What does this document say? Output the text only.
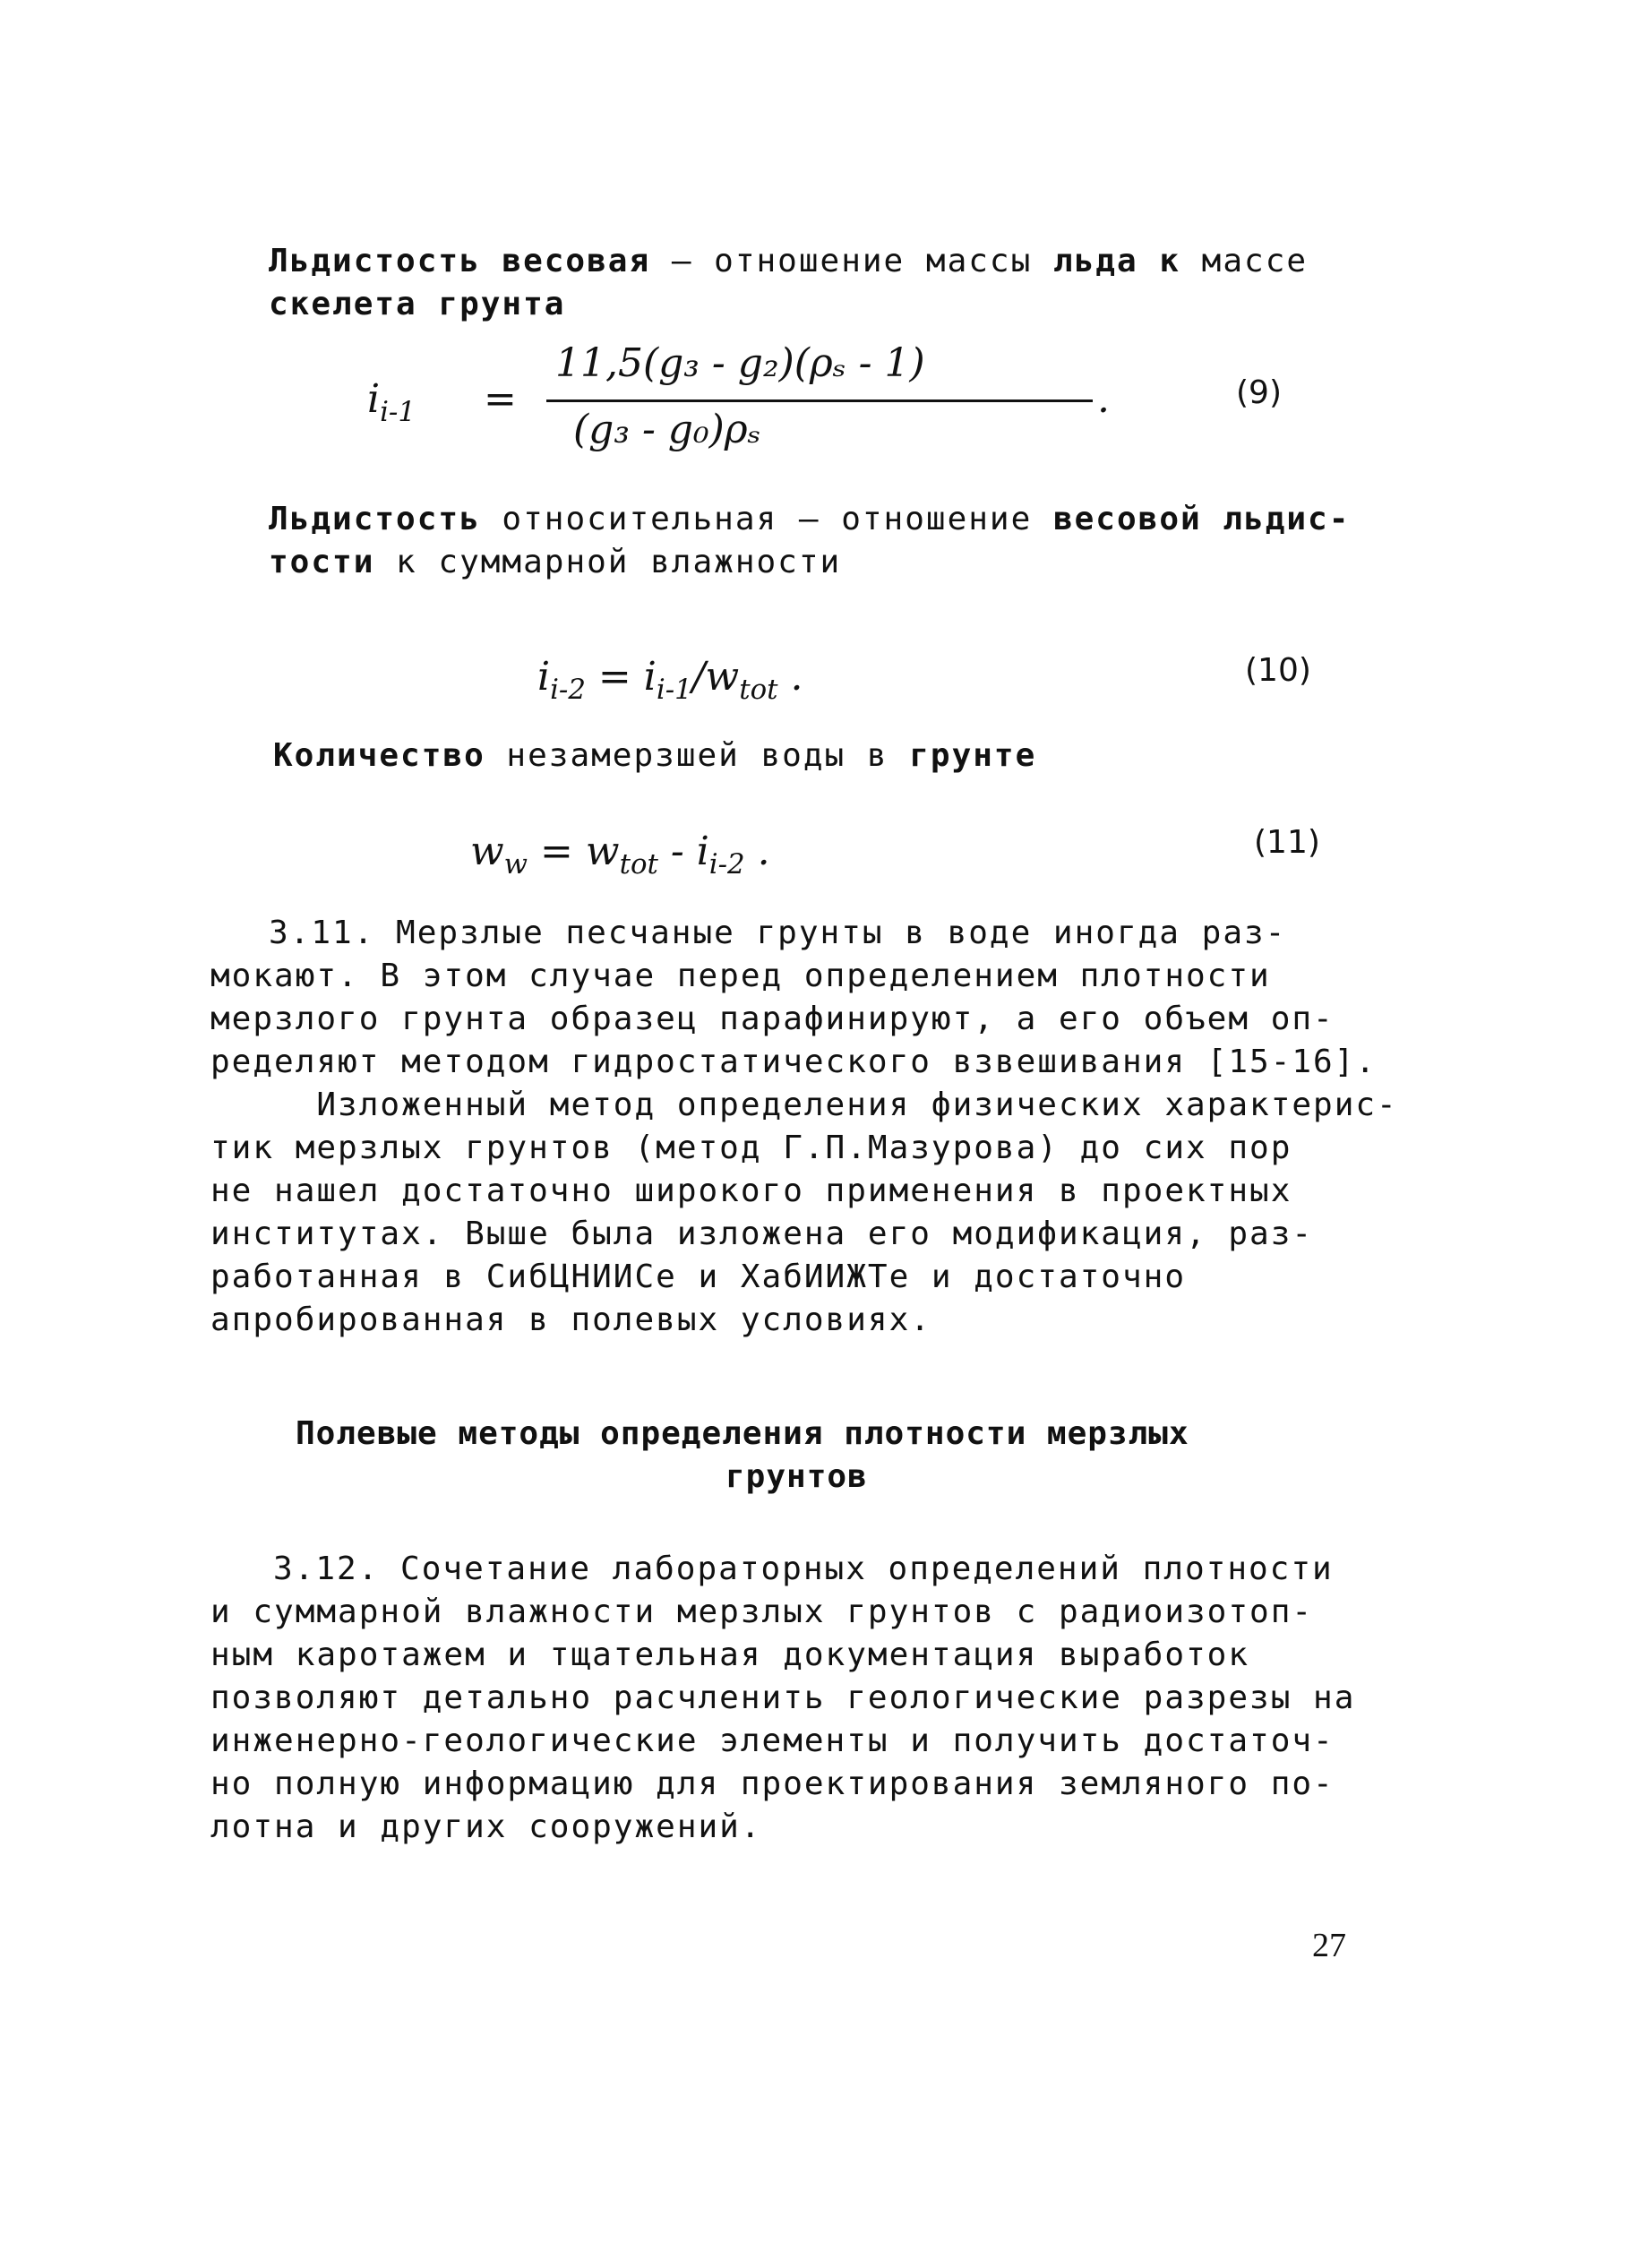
Льдистость весовая – отношение массы льда к массе
скелета грунта
$i_{i-1}$ =
11,5(g₃ - g₂)(ρₛ - 1)
(g₃ - g₀)ρₛ
.	(9)
Льдистость относительная – отношение весовой льдис-
тости к суммарной влажности
$i_{i-2} = i_{i-1}/w_{tot}$ .	(10)
Количество незамерзшей воды в грунте
$w_w = w_{tot} - i_{i-2}$ .	(11)
3.11. Мерзлые песчаные грунты в воде иногда раз-
мокают. В этом случае перед определением плотности
мерзлого грунта образец парафинируют, а его объем оп-
ределяют методом гидростатического взвешивания [15-16].
Изложенный метод определения физических характерис-
тик мерзлых грунтов (метод Г.П.Мазурова) до сих пор
не нашел достаточно широкого применения в проектных
институтах. Выше была изложена его модификация, раз-
работанная в СибЦНИИСе и ХабИИЖТе и достаточно
апробированная в полевых условиях.
Полевые методы определения плотности мерзлых
грунтов
3.12. Сочетание лабораторных определений плотности
и суммарной влажности мерзлых грунтов с радиоизотоп-
ным каротажем и тщательная документация выработок
позволяют детально расчленить геологические разрезы на
инженерно-геологические элементы и получить достаточ-
но полную информацию для проектирования земляного по-
лотна и других сооружений.
27
